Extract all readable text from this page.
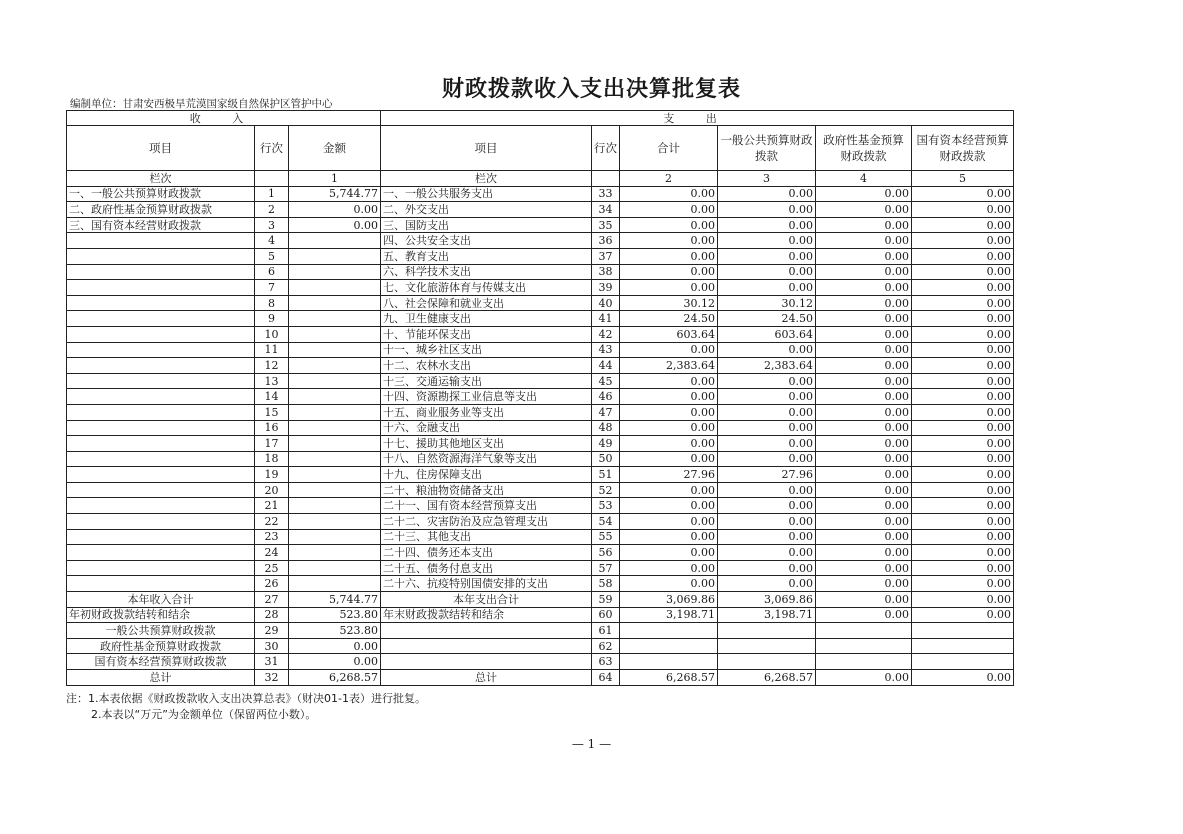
财政拨款收入支出决算批复表
编制单位：甘肃安西极旱荒漠国家级自然保护区管护中心
收 入			支 出					
项目	行次	金额	项目	行次	合计	一般公共预算财政拨款	政府性基金预算财政拨款	国有资本经营预算财政拨款
栏次		1	栏次		2	3	4	5
一、一般公共预算财政拨款	1	5,744.77	一、一般公共服务支出	33	0.00	0.00	0.00	0.00
二、政府性基金预算财政拨款	2	0.00	二、外交支出	34	0.00	0.00	0.00	0.00
三、国有资本经营财政拨款	3	0.00	三、国防支出	35	0.00	0.00	0.00	0.00
	4		四、公共安全支出	36	0.00	0.00	0.00	0.00
	5		五、教育支出	37	0.00	0.00	0.00	0.00
	6		六、科学技术支出	38	0.00	0.00	0.00	0.00
	7		七、文化旅游体育与传媒支出	39	0.00	0.00	0.00	0.00
	8		八、社会保障和就业支出	40	30.12	30.12	0.00	0.00
	9		九、卫生健康支出	41	24.50	24.50	0.00	0.00
	10		十、节能环保支出	42	603.64	603.64	0.00	0.00
	11		十一、城乡社区支出	43	0.00	0.00	0.00	0.00
	12		十二、农林水支出	44	2,383.64	2,383.64	0.00	0.00
	13		十三、交通运输支出	45	0.00	0.00	0.00	0.00
	14		十四、资源勘探工业信息等支出	46	0.00	0.00	0.00	0.00
	15		十五、商业服务业等支出	47	0.00	0.00	0.00	0.00
	16		十六、金融支出	48	0.00	0.00	0.00	0.00
	17		十七、援助其他地区支出	49	0.00	0.00	0.00	0.00
	18		十八、自然资源海洋气象等支出	50	0.00	0.00	0.00	0.00
	19		十九、住房保障支出	51	27.96	27.96	0.00	0.00
	20		二十、粮油物资储备支出	52	0.00	0.00	0.00	0.00
	21		二十一、国有资本经营预算支出	53	0.00	0.00	0.00	0.00
	22		二十二、灾害防治及应急管理支出	54	0.00	0.00	0.00	0.00
	23		二十三、其他支出	55	0.00	0.00	0.00	0.00
	24		二十四、债务还本支出	56	0.00	0.00	0.00	0.00
	25		二十五、债务付息支出	57	0.00	0.00	0.00	0.00
	26		二十六、抗疫特别国债安排的支出	58	0.00	0.00	0.00	0.00
本年收入合计	27	5,744.77	本年支出合计	59	3,069.86	3,069.86	0.00	0.00
年初财政拨款结转和结余	28	523.80	年末财政拨款结转和结余	60	3,198.71	3,198.71	0.00	0.00
一般公共预算财政拨款	29	523.80		61				
政府性基金预算财政拨款	30	0.00		62				
国有资本经营预算财政拨款	31	0.00		63				
总计	32	6,268.57	总计	64	6,268.57	6,268.57	0.00	0.00
注：1.本表依据《财政拨款收入支出决算总表》（财决01-1表）进行批复。
2.本表以“万元”为金额单位（保留两位小数）。
— 1 —
